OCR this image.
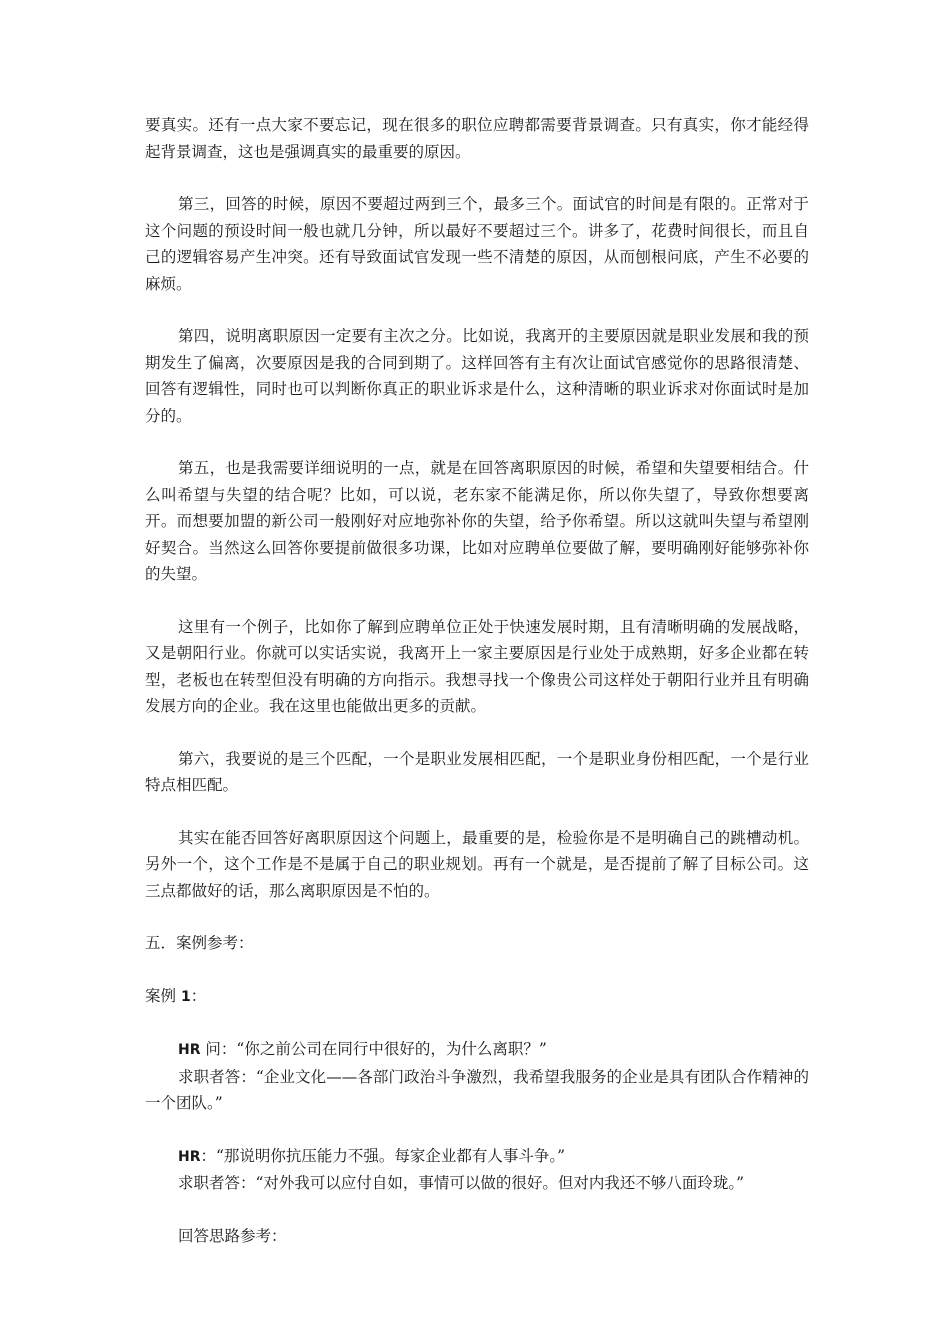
要真实。还有一点大家不要忘记，现在很多的职位应聘都需要背景调查。只有真实，你才能经得起背景调查，这也是强调真实的最重要的原因。

第三，回答的时候，原因不要超过两到三个，最多三个。面试官的时间是有限的。正常对于这个问题的预设时间一般也就几分钟，所以最好不要超过三个。讲多了，花费时间很长，而且自己的逻辑容易产生冲突。还有导致面试官发现一些不清楚的原因，从而刨根问底，产生不必要的麻烦。

第四，说明离职原因一定要有主次之分。比如说，我离开的主要原因就是职业发展和我的预期发生了偏离，次要原因是我的合同到期了。这样回答有主有次让面试官感觉你的思路很清楚、回答有逻辑性，同时也可以判断你真正的职业诉求是什么，这种清晰的职业诉求对你面试时是加分的。

第五，也是我需要详细说明的一点，就是在回答离职原因的时候，希望和失望要相结合。什么叫希望与失望的结合呢？比如，可以说，老东家不能满足你，所以你失望了，导致你想要离开。而想要加盟的新公司一般刚好对应地弥补你的失望，给予你希望。所以这就叫失望与希望刚好契合。当然这么回答你要提前做很多功课，比如对应聘单位要做了解，要明确刚好能够弥补你的失望。

这里有一个例子，比如你了解到应聘单位正处于快速发展时期，且有清晰明确的发展战略，又是朝阳行业。你就可以实话实说，我离开上一家主要原因是行业处于成熟期，好多企业都在转型，老板也在转型但没有明确的方向指示。我想寻找一个像贵公司这样处于朝阳行业并且有明确发展方向的企业。我在这里也能做出更多的贡献。

第六，我要说的是三个匹配，一个是职业发展相匹配，一个是职业身份相匹配，一个是行业特点相匹配。

其实在能否回答好离职原因这个问题上，最重要的是，检验你是不是明确自己的跳槽动机。另外一个，这个工作是不是属于自己的职业规划。再有一个就是，是否提前了解了目标公司。这三点都做好的话，那么离职原因是不怕的。

五．案例参考：

案例 1：

HR 问：“你之前公司在同行中很好的，为什么离职？”

求职者答：“企业文化——各部门政治斗争激烈，我希望我服务的企业是具有团队合作精神的一个团队。”

HR：“那说明你抗压能力不强。每家企业都有人事斗争。”

求职者答：“对外我可以应付自如，事情可以做的很好。但对内我还不够八面玲珑。”

回答思路参考：
